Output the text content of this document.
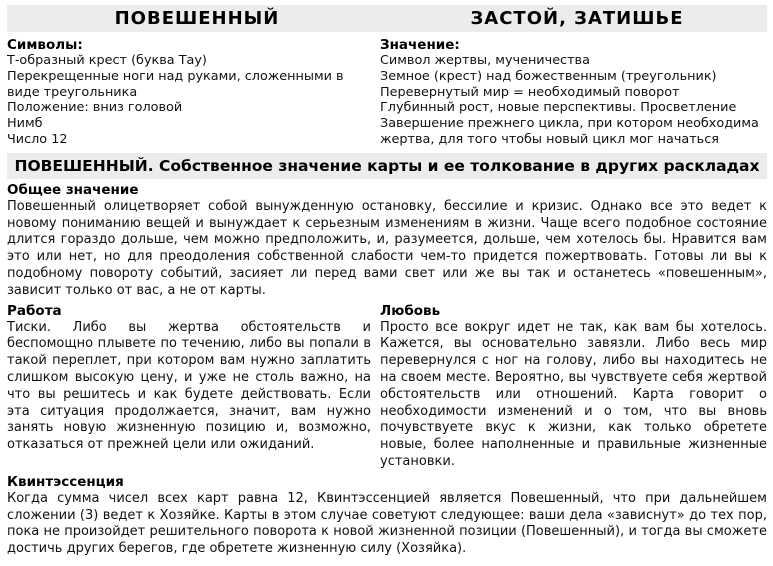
ПОВЕШЕННЫЙ	ЗАСТОЙ, ЗАТИШЬЕ
Символы:
Т-образный крест (буква Тау)
Перекрещенные ноги над руками, сложенными в виде треугольника
Положение: вниз головой
Нимб
Число 12
Значение:
Символ жертвы, мученичества
Земное (крест) над божественным (треугольник)
Перевернутый мир = необходимый поворот
Глубинный рост, новые перспективы. Просветление
Завершение прежнего цикла, при котором необходима жертва, для того чтобы новый цикл мог начаться
ПОВЕШЕННЫЙ. Собственное значение карты и ее толкование в других раскладах
Общее значение

Повешенный олицетворяет собой вынужденную остановку, бессилие и кризис. Однако все это ведет к новому пониманию вещей и вынуждает к серьезным изменениям в жизни. Чаще всего подобное состояние длится гораздо дольше, чем можно предположить, и, разумеется, дольше, чем хотелось бы. Нравится вам это или нет, но для преодоления собственной слабости чем-то придется пожертвовать. Готовы ли вы к подобному повороту событий, засияет ли перед вами свет или же вы так и останетесь «повешенным», зависит только от вас, а не от карты.

Работа

Тиски. Либо вы жертва обстоятельств и беспомощно плывете по течению, либо вы попали в такой переплет, при котором вам нужно заплатить слишком высокую цену, и уже не столь важно, на что вы решитесь и как будете действовать. Если эта ситуация продолжается, значит, вам нужно занять новую жизненную позицию и, возможно, отказаться от прежней цели или ожиданий.

Любовь

Просто все вокруг идет не так, как вам бы хотелось. Кажется, вы основательно завязли. Либо весь мир перевернулся с ног на голову, либо вы находитесь не на своем месте. Вероятно, вы чувствуете себя жертвой обстоятельств или отношений. Карта говорит о необходимости изменений и о том, что вы вновь почувствуете вкус к жизни, как только обретете новые, более наполненные и правильные жизненные установки.

Квинтэссенция

Когда сумма чисел всех карт равна 12, Квинтэссенцией является Повешенный, что при дальнейшем сложении (3) ведет к Хозяйке. Карты в этом случае советуют следующее: ваши дела «зависнут» до тех пор, пока не произойдет решительного поворота к новой жизненной позиции (Повешенный), и тогда вы сможете достичь других берегов, где обретете жизненную силу (Хозяйка).
